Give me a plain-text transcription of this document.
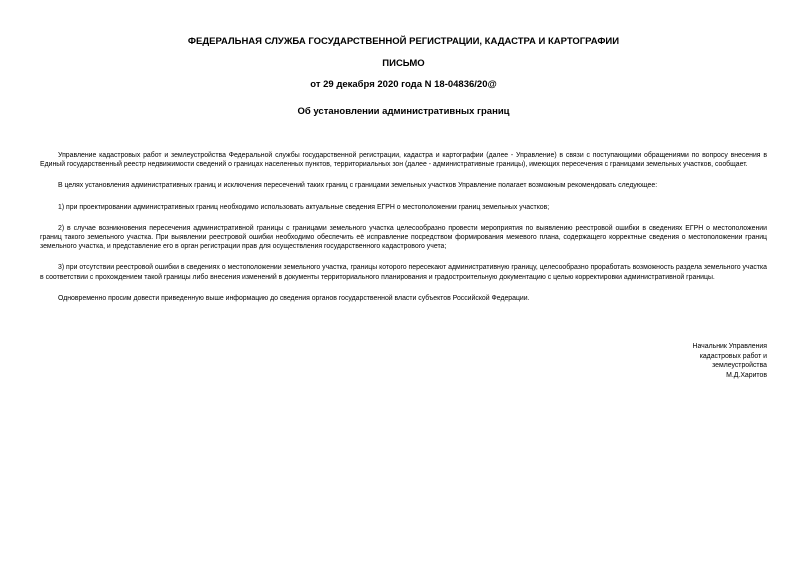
ФЕДЕРАЛЬНАЯ СЛУЖБА ГОСУДАРСТВЕННОЙ РЕГИСТРАЦИИ, КАДАСТРА И КАРТОГРАФИИ

ПИСЬМО

от 29 декабря 2020 года N 18-04836/20@

Об установлении административных границ

Управление кадастровых работ и землеустройства Федеральной службы государственной регистрации, кадастра и картографии (далее - Управление) в связи с поступающими обращениями по вопросу внесения в Единый государственный реестр недвижимости сведений о границах населенных пунктов, территориальных зон (далее - административные границы), имеющих пересечения с границами земельных участков, сообщает.

В целях установления административных границ и исключения пересечений таких границ с границами земельных участков Управление полагает возможным рекомендовать следующее:

1) при проектировании административных границ необходимо использовать актуальные сведения ЕГРН о местоположении границ земельных участков;

2) в случае возникновения пересечения административной границы с границами земельного участка целесообразно провести мероприятия по выявлению реестровой ошибки в сведениях ЕГРН о местоположении границ такого земельного участка. При выявлении реестровой ошибки необходимо обеспечить её исправление посредством формирования межевого плана, содержащего корректные сведения о местоположении границ земельного участка, и представление его в орган регистрации прав для осуществления государственного кадастрового учета;

3) при отсутствии реестровой ошибки в сведениях о местоположении земельного участка, границы которого пересекают административную границу, целесообразно проработать возможность раздела земельного участка в соответствии с прохождением такой границы либо внесения изменений в документы территориального планирования и градостроительную документацию с целью корректировки административной границы.

Одновременно просим довести приведенную выше информацию до сведения органов государственной власти субъектов Российской Федерации.

Начальник Управления
кадастровых работ и
землеустройства
М.Д.Харитов
